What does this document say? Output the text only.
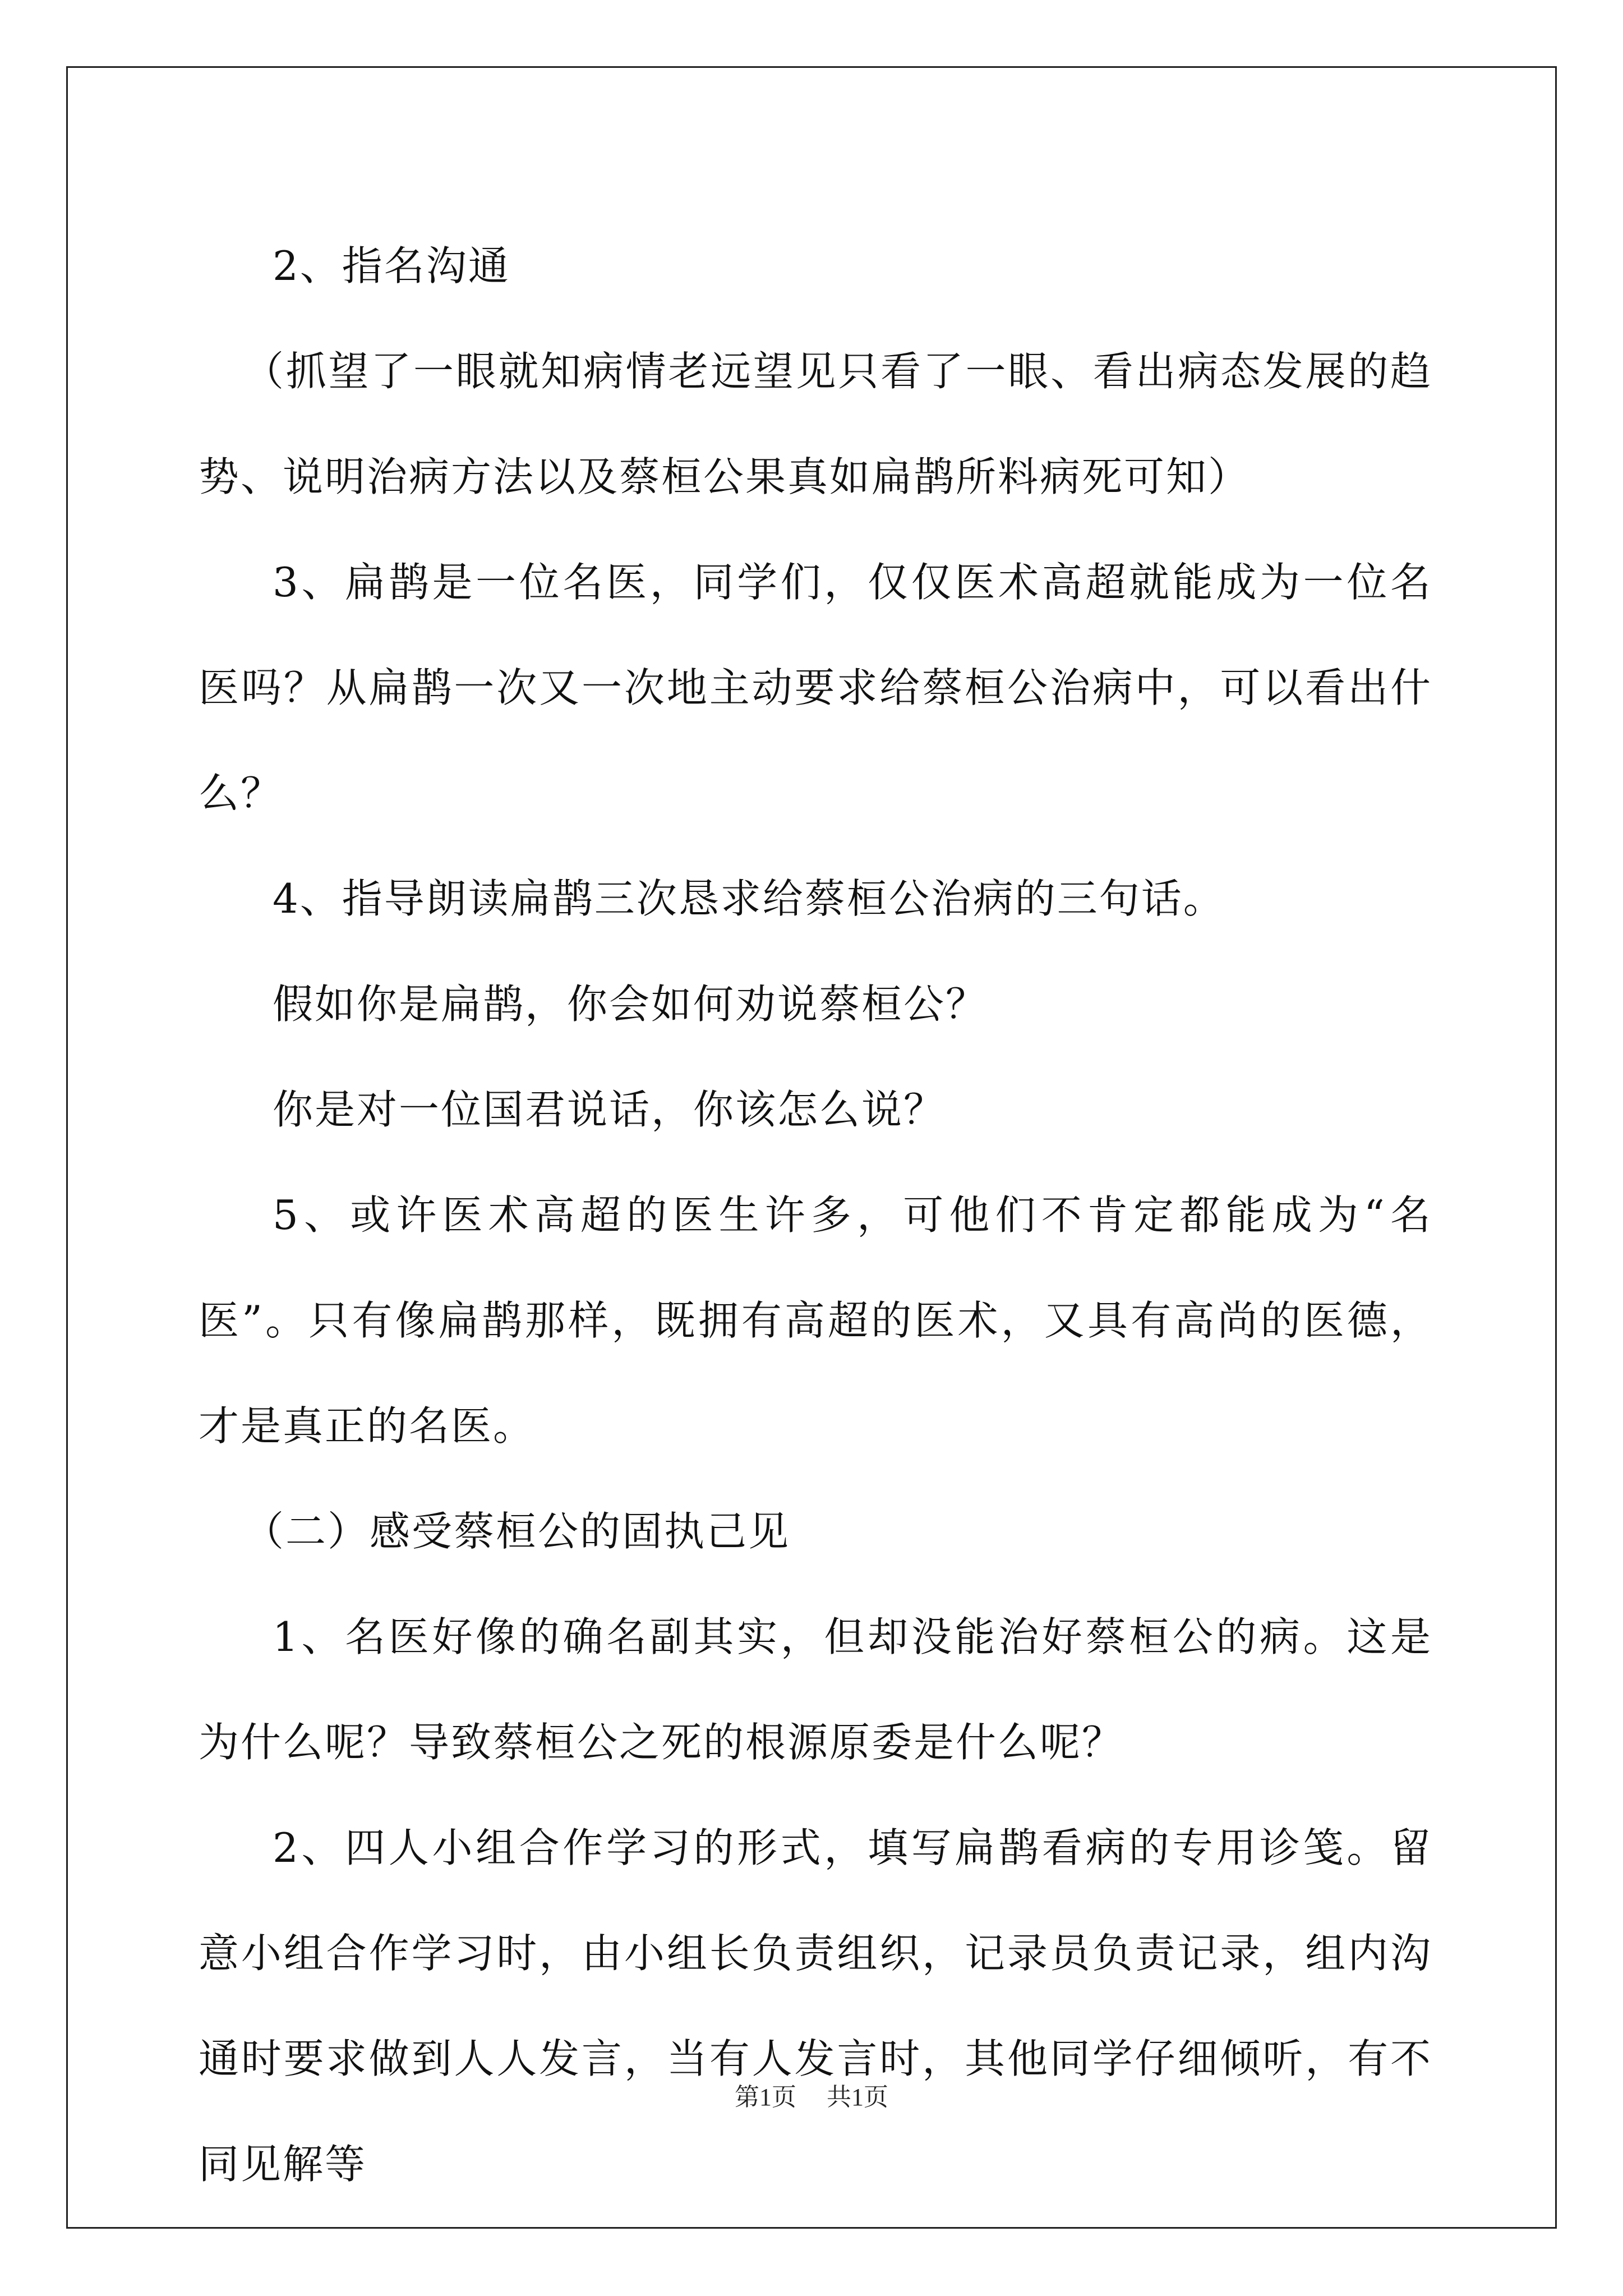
2、指名沟通

（抓望了一眼就知病情老远望见只看了一眼、看出病态发展的趋势、说明治病方法以及蔡桓公果真如扁鹊所料病死可知）

3、扁鹊是一位名医，同学们，仅仅医术高超就能成为一位名医吗？从扁鹊一次又一次地主动要求给蔡桓公治病中，可以看出什么？

4、指导朗读扁鹊三次恳求给蔡桓公治病的三句话。

假如你是扁鹊，你会如何劝说蔡桓公？

你是对一位国君说话，你该怎么说？

5、或许医术高超的医生许多，可他们不肯定都能成为“名医”。只有像扁鹊那样，既拥有高超的医术，又具有高尚的医德，才是真正的名医。

（二）感受蔡桓公的固执己见

1、名医好像的确名副其实，但却没能治好蔡桓公的病。这是为什么呢？导致蔡桓公之死的根源原委是什么呢？

2、四人小组合作学习的形式，填写扁鹊看病的专用诊笺。留意小组合作学习时，由小组长负责组织，记录员负责记录，组内沟通时要求做到人人发言，当有人发言时，其他同学仔细倾听，有不同见解等

第1页 共1页
